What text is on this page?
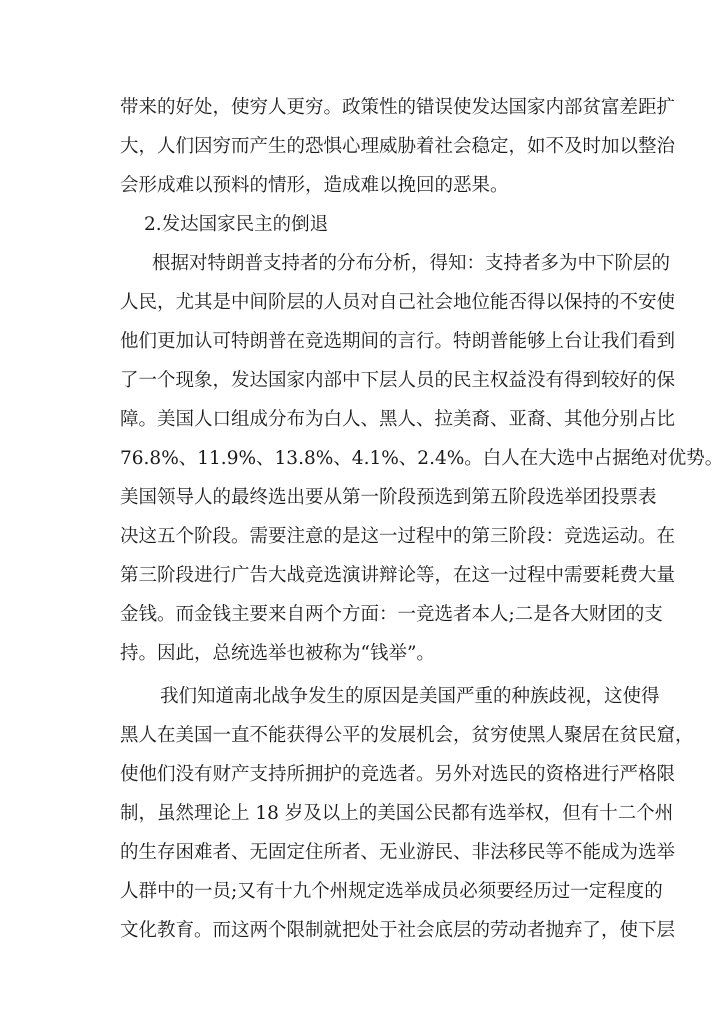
带来的好处，使穷人更穷。政策性的错误使发达国家内部贫富差距扩
大，人们因穷而产生的恐惧心理威胁着社会稳定，如不及时加以整治
会形成难以预料的情形，造成难以挽回的恶果。
2.发达国家民主的倒退
根据对特朗普支持者的分布分析，得知：支持者多为中下阶层的
人民，尤其是中间阶层的人员对自己社会地位能否得以保持的不安使
他们更加认可特朗普在竞选期间的言行。特朗普能够上台让我们看到
了一个现象，发达国家内部中下层人员的民主权益没有得到较好的保
障。美国人口组成分布为白人、黑人、拉美裔、亚裔、其他分别占比
76.8%、11.9%、13.8%、4.1%、2.4%。白人在大选中占据绝对优势。
美国领导人的最终选出要从第一阶段预选到第五阶段选举团投票表
决这五个阶段。需要注意的是这一过程中的第三阶段：竞选运动。在
第三阶段进行广告大战竞选演讲辩论等，在这一过程中需要耗费大量
金钱。而金钱主要来自两个方面：一竞选者本人;二是各大财团的支
持。因此，总统选举也被称为“钱举”。
我们知道南北战争发生的原因是美国严重的种族歧视，这使得
黑人在美国一直不能获得公平的发展机会，贫穷使黑人聚居在贫民窟，
使他们没有财产支持所拥护的竞选者。另外对选民的资格进行严格限
制，虽然理论上 18 岁及以上的美国公民都有选举权，但有十二个州
的生存困难者、无固定住所者、无业游民、非法移民等不能成为选举
人群中的一员;又有十九个州规定选举成员必须要经历过一定程度的
文化教育。而这两个限制就把处于社会底层的劳动者抛弃了，使下层
